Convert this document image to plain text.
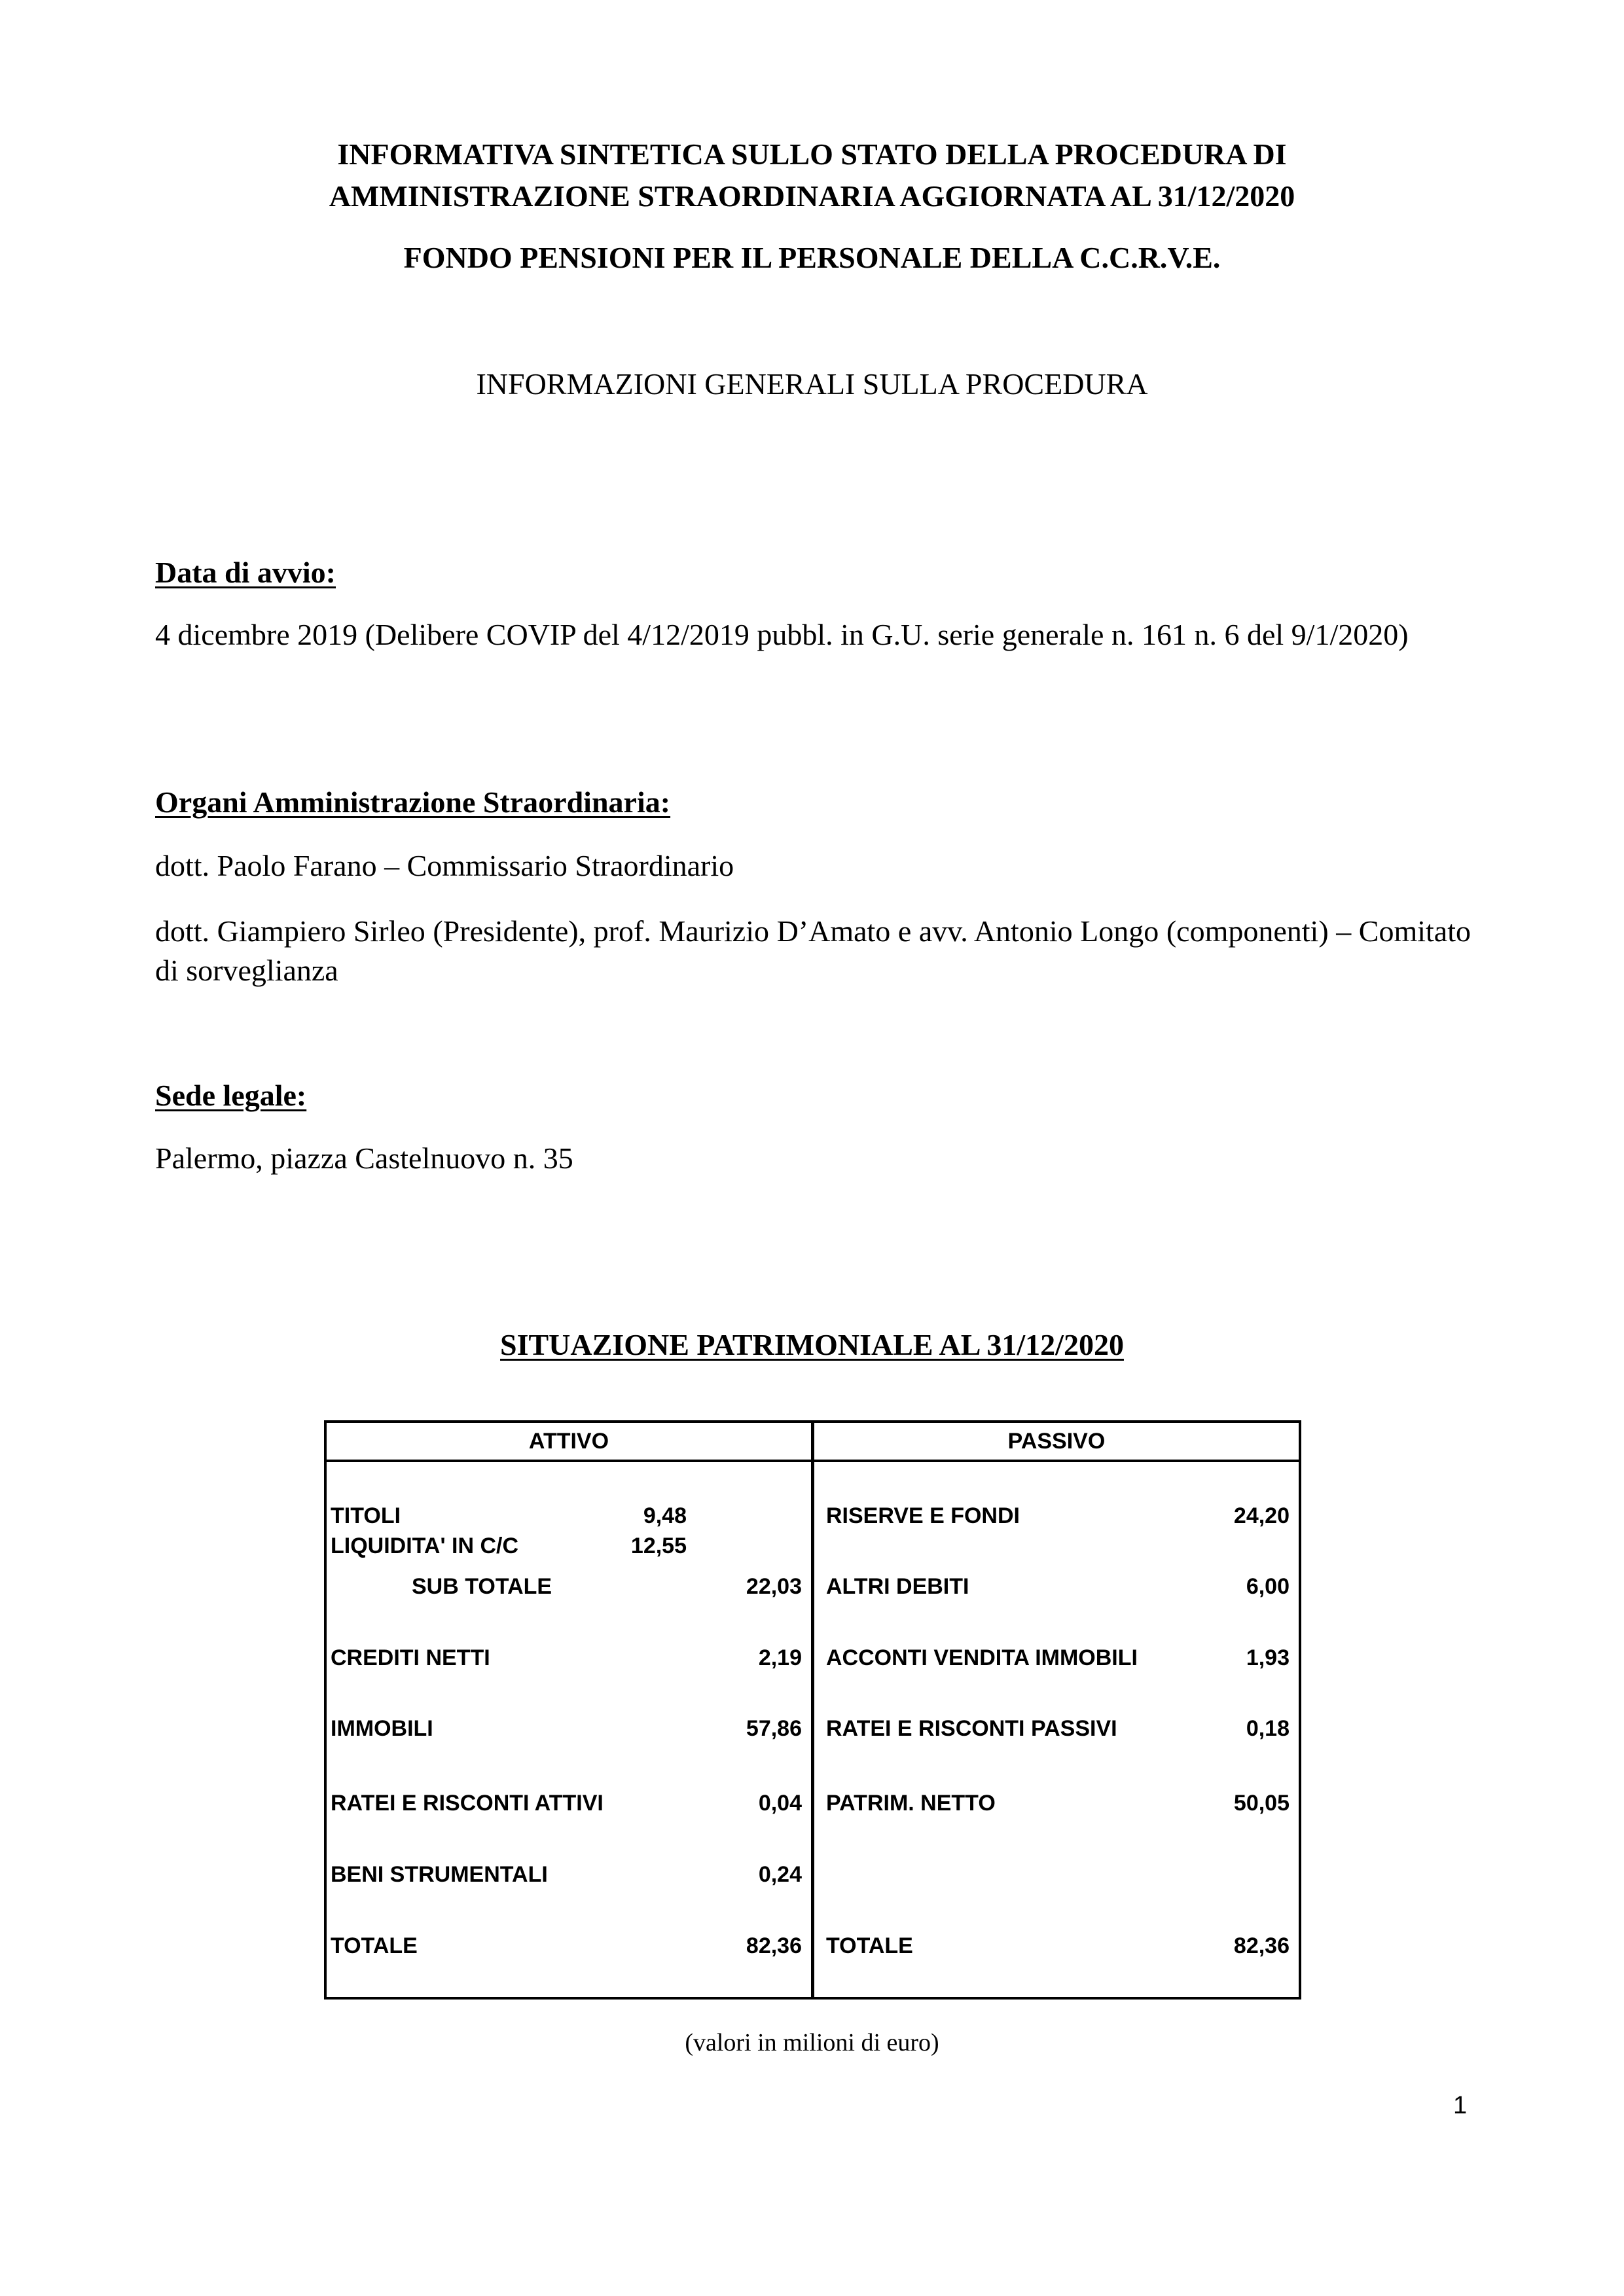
INFORMATIVA SINTETICA SULLO STATO DELLA PROCEDURA DI
AMMINISTRAZIONE STRAORDINARIA AGGIORNATA AL 31/12/2020
FONDO PENSIONI PER IL PERSONALE DELLA C.C.R.V.E.
INFORMAZIONI GENERALI SULLA PROCEDURA
Data di avvio:
4 dicembre 2019 (Delibere COVIP del 4/12/2019 pubbl. in G.U. serie generale n. 161 n. 6 del 9/1/2020)
Organi Amministrazione Straordinaria:
dott. Paolo Farano – Commissario Straordinario
dott. Giampiero Sirleo (Presidente), prof. Maurizio D’Amato e avv. Antonio Longo (componenti) – Comitato di sorveglianza
Sede legale:
Palermo, piazza Castelnuovo n. 35
SITUAZIONE PATRIMONIALE AL 31/12/2020
ATTIVO
TITOLI	9,48
LIQUIDITA' IN C/C	12,55
SUB TOTALE	22,03
CREDITI NETTI	2,19
IMMOBILI	57,86
RATEI E RISCONTI ATTIVI	0,04
BENI STRUMENTALI	0,24
TOTALE	82,36
PASSIVO
RISERVE E FONDI	24,20
ALTRI DEBITI	6,00
ACCONTI VENDITA IMMOBILI	1,93
RATEI E RISCONTI PASSIVI	0,18
PATRIM. NETTO	50,05
TOTALE	82,36
(valori in milioni di euro)
1
